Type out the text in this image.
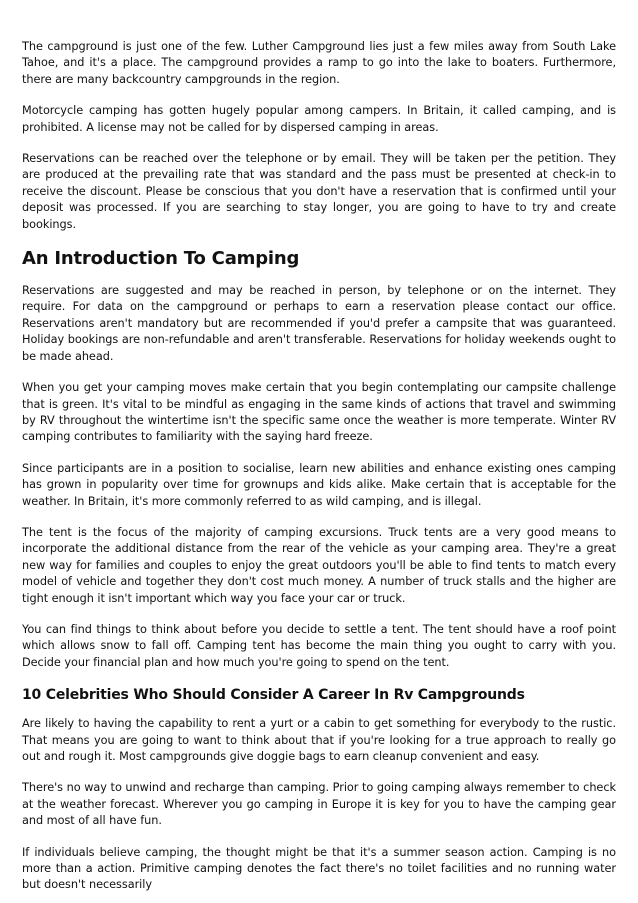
The campground is just one of the few. Luther Campground lies just a few miles away from South Lake Tahoe, and it's a place. The campground provides a ramp to go into the lake to boaters. Furthermore, there are many backcountry campgrounds in the region.

Motorcycle camping has gotten hugely popular among campers. In Britain, it called camping, and is prohibited. A license may not be called for by dispersed camping in areas.

Reservations can be reached over the telephone or by email. They will be taken per the petition. They are produced at the prevailing rate that was standard and the pass must be presented at check-in to receive the discount. Please be conscious that you don't have a reservation that is confirmed until your deposit was processed. If you are searching to stay longer, you are going to have to try and create bookings.

An Introduction To Camping

Reservations are suggested and may be reached in person, by telephone or on the internet. They require. For data on the campground or perhaps to earn a reservation please contact our office. Reservations aren't mandatory but are recommended if you'd prefer a campsite that was guaranteed. Holiday bookings are non-refundable and aren't transferable. Reservations for holiday weekends ought to be made ahead.

When you get your camping moves make certain that you begin contemplating our campsite challenge that is green. It's vital to be mindful as engaging in the same kinds of actions that travel and swimming by RV throughout the wintertime isn't the specific same once the weather is more temperate. Winter RV camping contributes to familiarity with the saying hard freeze.

Since participants are in a position to socialise, learn new abilities and enhance existing ones camping has grown in popularity over time for grownups and kids alike. Make certain that is acceptable for the weather. In Britain, it's more commonly referred to as wild camping, and is illegal.

The tent is the focus of the majority of camping excursions. Truck tents are a very good means to incorporate the additional distance from the rear of the vehicle as your camping area. They're a great new way for families and couples to enjoy the great outdoors you'll be able to find tents to match every model of vehicle and together they don't cost much money. A number of truck stalls and the higher are tight enough it isn't important which way you face your car or truck.

You can find things to think about before you decide to settle a tent. The tent should have a roof point which allows snow to fall off. Camping tent has become the main thing you ought to carry with you. Decide your financial plan and how much you're going to spend on the tent.

10 Celebrities Who Should Consider A Career In Rv Campgrounds

Are likely to having the capability to rent a yurt or a cabin to get something for everybody to the rustic. That means you are going to want to think about that if you're looking for a true approach to really go out and rough it. Most campgrounds give doggie bags to earn cleanup convenient and easy.

There's no way to unwind and recharge than camping. Prior to going camping always remember to check at the weather forecast. Wherever you go camping in Europe it is key for you to have the camping gear and most of all have fun.

If individuals believe camping, the thought might be that it's a summer season action. Camping is no more than a action. Primitive camping denotes the fact there's no toilet facilities and no running water but doesn't necessarily
